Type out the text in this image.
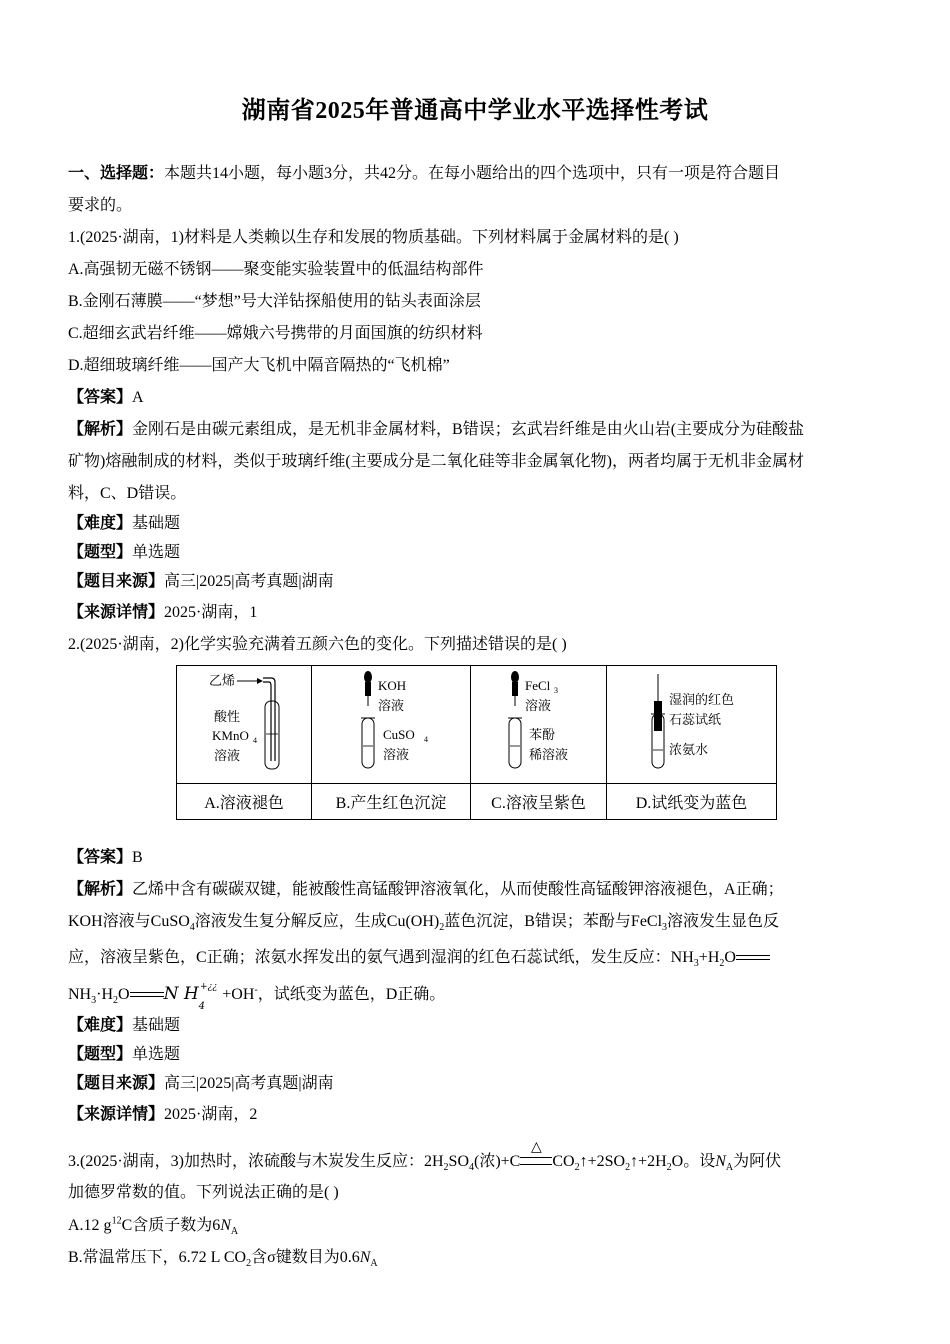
湖南省2025年普通高中学业水平选择性考试
一、选择题：本题共14小题，每小题3分，共42分。在每小题给出的四个选项中，只有一项是符合题目
要求的。
1.(2025·湖南，1)材料是人类赖以生存和发展的物质基础。下列材料属于金属材料的是( )
A.高强韧无磁不锈钢——聚变能实验装置中的低温结构部件
B.金刚石薄膜——“梦想”号大洋钻探船使用的钻头表面涂层
C.超细玄武岩纤维——嫦娥六号携带的月面国旗的纺织材料
D.超细玻璃纤维——国产大飞机中隔音隔热的“飞机棉”
【答案】A
【解析】金刚石是由碳元素组成，是无机非金属材料，B错误；玄武岩纤维是由火山岩(主要成分为硅酸盐
矿物)熔融制成的材料，类似于玻璃纤维(主要成分是二氧化硅等非金属氧化物)，两者均属于无机非金属材
料，C、D错误。
【难度】基础题
【题型】单选题
【题目来源】高三|2025|高考真题|湖南
【来源详情】2025·湖南，1
2.(2025·湖南，2)化学实验充满着五颜六色的变化。下列描述错误的是( )
乙烯
酸性
KMnO 4
溶液	KOH
溶液
CuSO 4
溶液	FeCl 3
溶液
苯酚
稀溶液	湿润的红色
石蕊试纸
浓氨水

A.溶液褪色	B.产生红色沉淀	C.溶液呈紫色	D.试纸变为蓝色
【答案】B
【解析】乙烯中含有碳碳双键，能被酸性高锰酸钾溶液氧化，从而使酸性高锰酸钾溶液褪色，A正确；
KOH溶液与CuSO$_4$溶液发生复分解反应，生成$Cu(OH)_2$蓝色沉淀，B错误；苯酚与FeCl$_3$溶液发生显色反
应，溶液呈紫色，C正确；浓氨水挥发出的氨气遇到湿润的红色石蕊试纸，发生反应：$NH_3+H_2O$
$NH_3\cdot H_2O$ N $H_4^{+¿¿} +OH^-$，试纸变为蓝色，D正确。
【难度】基础题
【题型】单选题
【题目来源】高三|2025|高考真题|湖南
【来源详情】2025·湖南，2
3.(2025·湖南，3)加热时，浓硫酸与木炭发生反应：$2H_2SO_4$(浓)+C
△
$CO_2↑+2SO_2↑+2H_2O$。设$N_A$为阿伏
加德罗常数的值。下列说法正确的是( )
A.12 $g^{12}C$含质子数为$6N_A$
B.常温常压下，6.72 L $CO_2$含σ键数目为$0.6N_A$
